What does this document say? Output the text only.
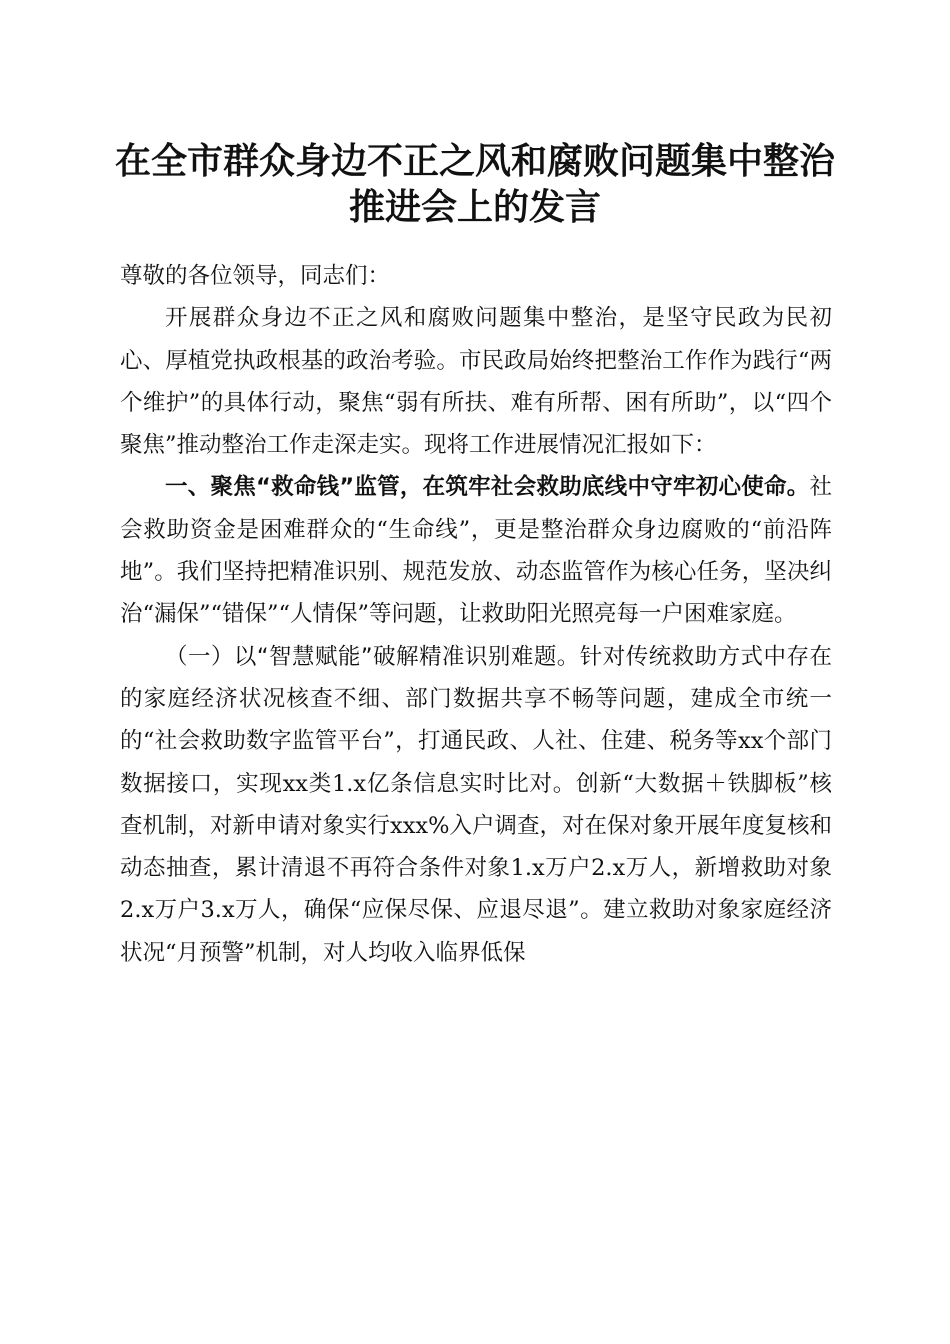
在全市群众身边不正之风和腐败问题集中整治
推进会上的发言

尊敬的各位领导，同志们：

开展群众身边不正之风和腐败问题集中整治，是坚守民政为民初心、厚植党执政根基的政治考验。市民政局始终把整治工作作为践行“两个维护”的具体行动，聚焦“弱有所扶、难有所帮、困有所助”，以“四个聚焦”推动整治工作走深走实。现将工作进展情况汇报如下：

一、聚焦“救命钱”监管，在筑牢社会救助底线中守牢初心使命。社会救助资金是困难群众的“生命线”，更是整治群众身边腐败的“前沿阵地”。我们坚持把精准识别、规范发放、动态监管作为核心任务，坚决纠治“漏保”“错保”“人情保”等问题，让救助阳光照亮每一户困难家庭。

（一）以“智慧赋能”破解精准识别难题。针对传统救助方式中存在的家庭经济状况核查不细、部门数据共享不畅等问题，建成全市统一的“社会救助数字监管平台”，打通民政、人社、住建、税务等xx个部门数据接口，实现xx类1.x亿条信息实时比对。创新“大数据＋铁脚板”核查机制，对新申请对象实行xxx%入户调查，对在保对象开展年度复核和动态抽查，累计清退不再符合条件对象1.x万户2.x万人，新增救助对象2.x万户3.x万人，确保“应保尽保、应退尽退”。建立救助对象家庭经济状况“月预警”机制，对人均收入临界低保
